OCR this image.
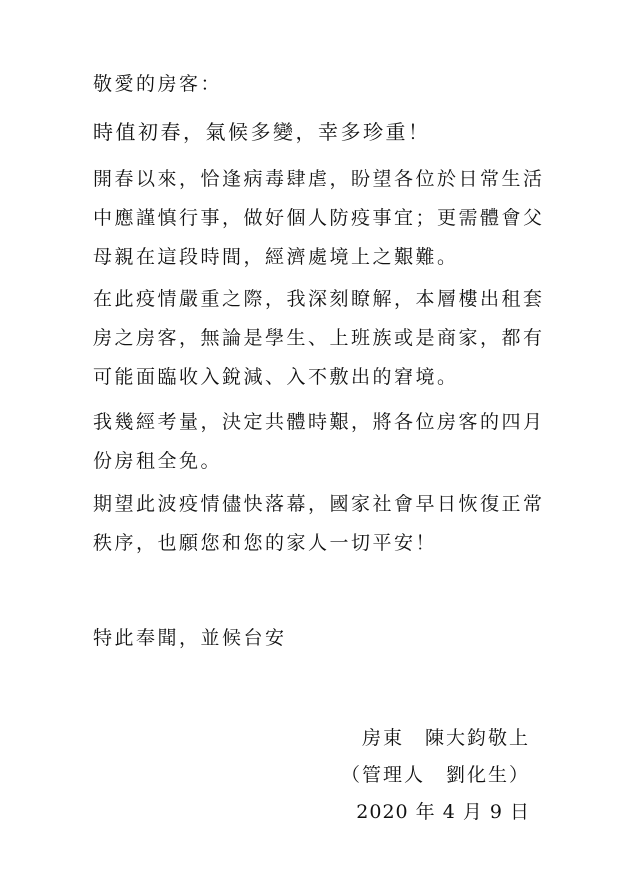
敬愛的房客：
時值初春，氣候多變，幸多珍重！
開春以來，恰逢病毒肆虐，盼望各位於日常生活
中應謹慎行事，做好個人防疫事宜；更需體會父
母親在這段時間，經濟處境上之艱難。
在此疫情嚴重之際，我深刻瞭解，本層樓出租套
房之房客，無論是學生、上班族或是商家，都有
可能面臨收入銳減、入不敷出的窘境。
我幾經考量，決定共體時艱，將各位房客的四月
份房租全免。
期望此波疫情儘快落幕，國家社會早日恢復正常
秩序，也願您和您的家人一切平安！
特此奉聞，並候台安
房東　陳大鈞敬上
（管理人　劉化生）
2020 年 4 月 9 日
